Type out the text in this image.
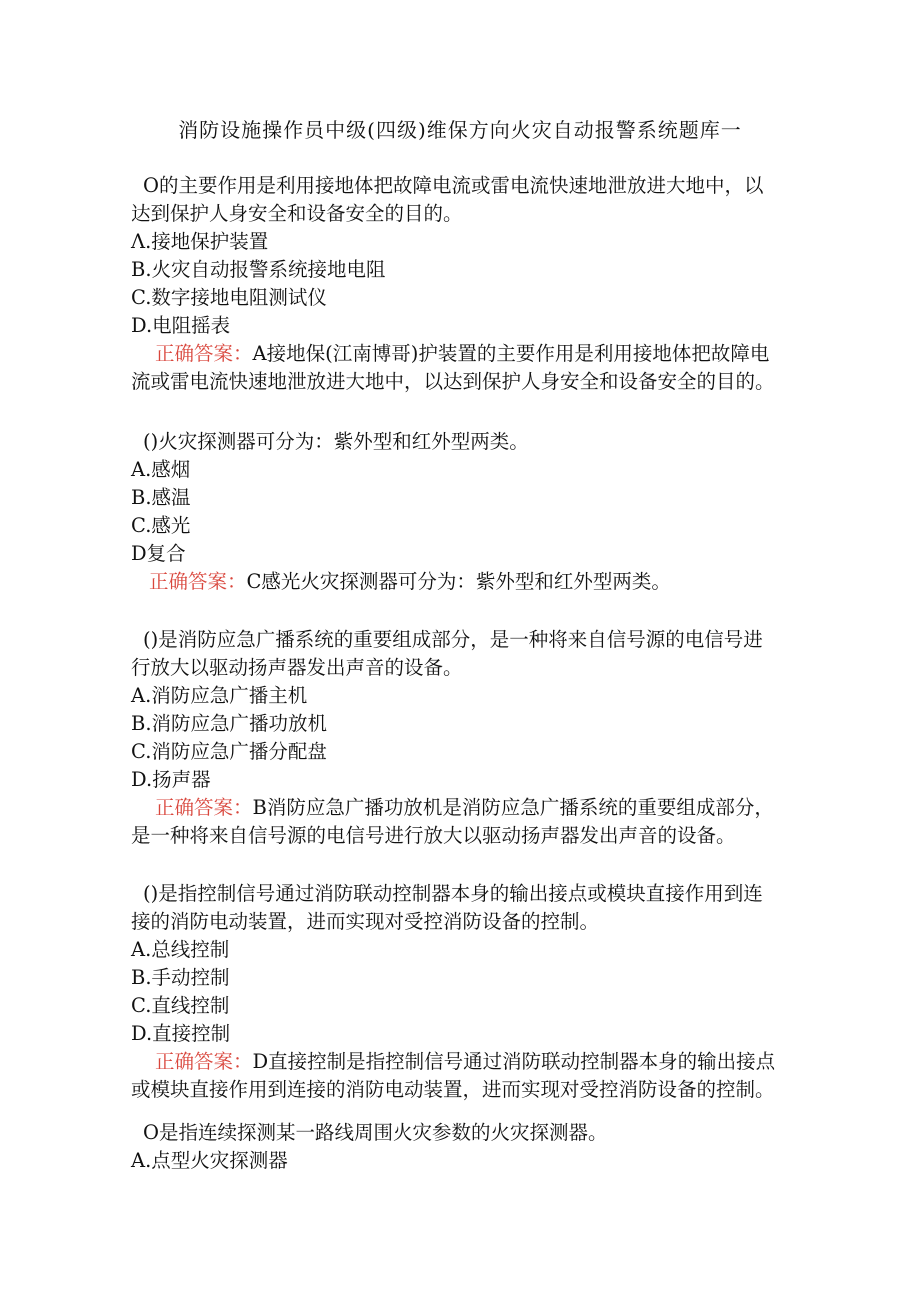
消防设施操作员中级(四级)维保方向火灾自动报警系统题库一
O的主要作用是利用接地体把故障电流或雷电流快速地泄放进大地中，以
达到保护人身安全和设备安全的目的。
Λ.接地保护装置
B.火灾自动报警系统接地电阻
C.数字接地电阻测试仪
D.电阻摇表
正确答案：A接地保(江南博哥)护装置的主要作用是利用接地体把故障电
流或雷电流快速地泄放进大地中，以达到保护人身安全和设备安全的目的。
()火灾探测器可分为：紫外型和红外型两类。
A.感烟
B.感温
C.感光
D复合
正确答案：C感光火灾探测器可分为：紫外型和红外型两类。
()是消防应急广播系统的重要组成部分，是一种将来自信号源的电信号进
行放大以驱动扬声器发出声音的设备。
A.消防应急广播主机
B.消防应急广播功放机
C.消防应急广播分配盘
D.扬声器
正确答案：B消防应急广播功放机是消防应急广播系统的重要组成部分，
是一种将来自信号源的电信号进行放大以驱动扬声器发出声音的设备。
()是指控制信号通过消防联动控制器本身的输出接点或模块直接作用到连
接的消防电动装置，进而实现对受控消防设备的控制。
A.总线控制
B.手动控制
C.直线控制
D.直接控制
正确答案：D直接控制是指控制信号通过消防联动控制器本身的输出接点
或模块直接作用到连接的消防电动装置，进而实现对受控消防设备的控制。
O是指连续探测某一路线周围火灾参数的火灾探测器。
A.点型火灾探测器
